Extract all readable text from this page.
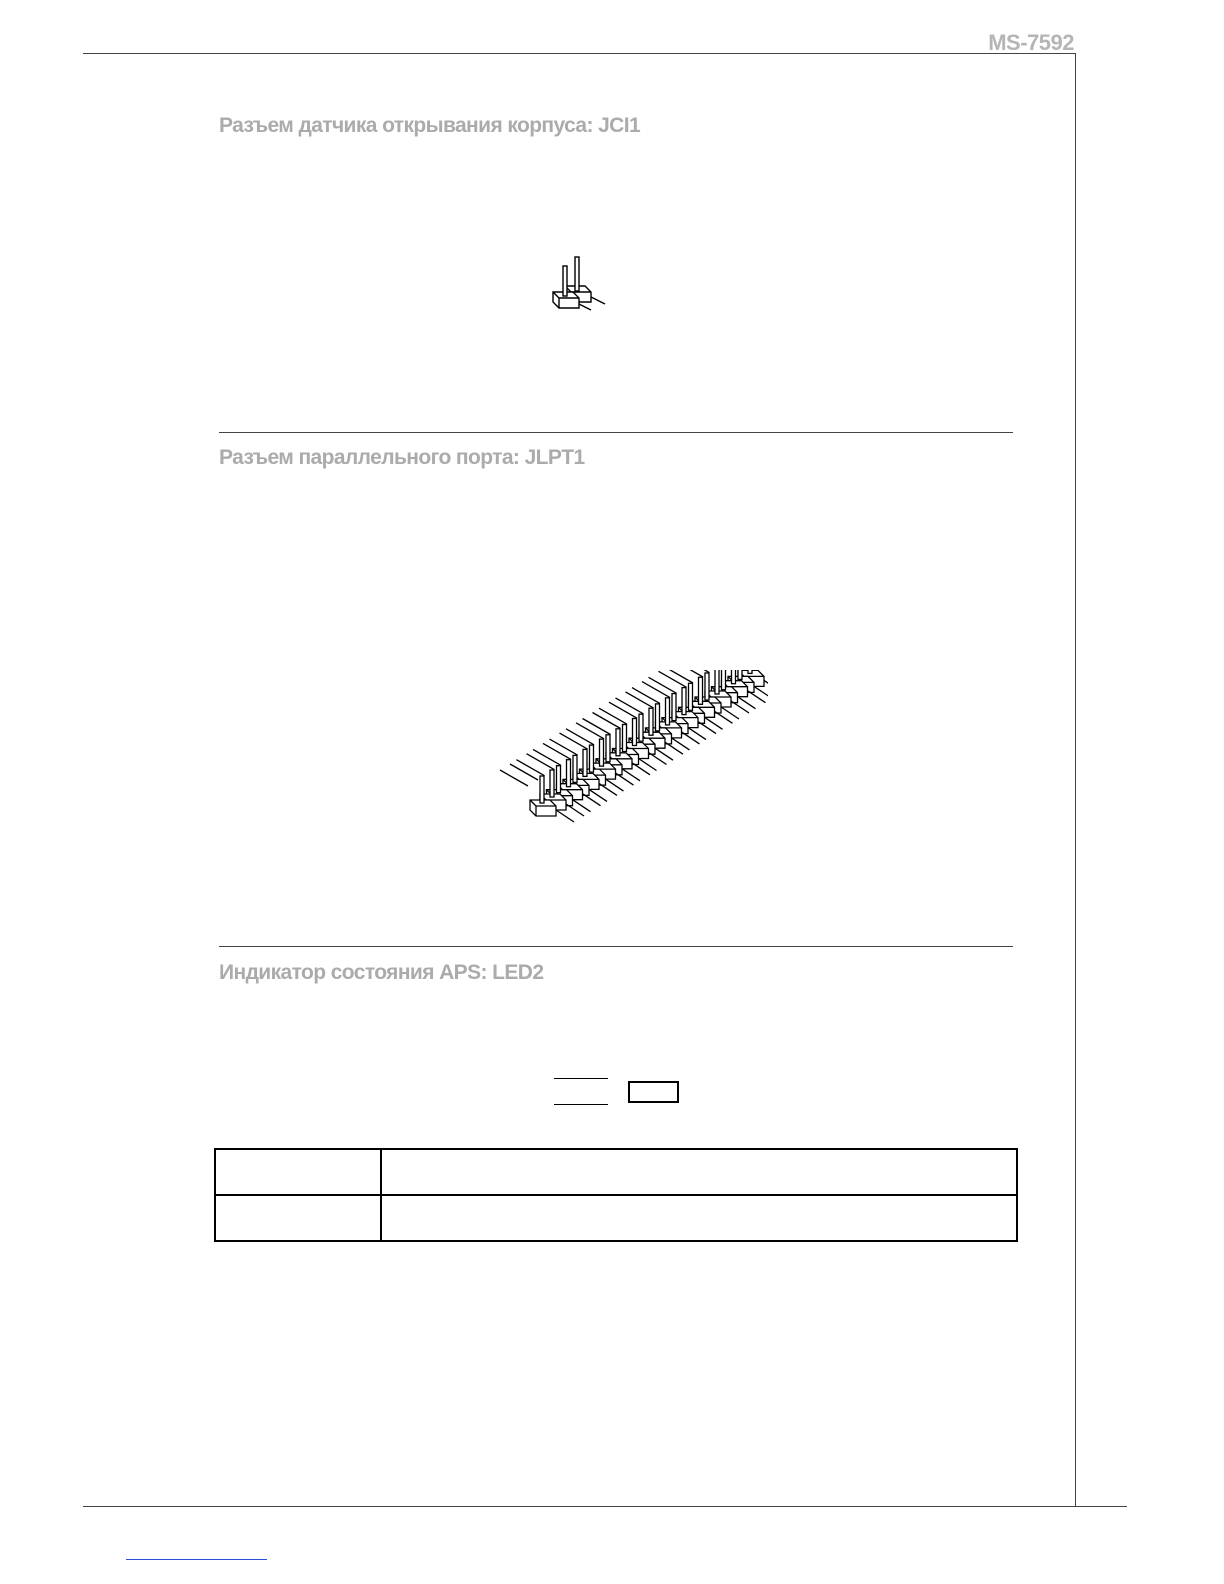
MS-7592
Разъем датчика открывания корпуса: JCI1
Разъем параллельного порта: JLPT1
Индикатор состояния APS: LED2
